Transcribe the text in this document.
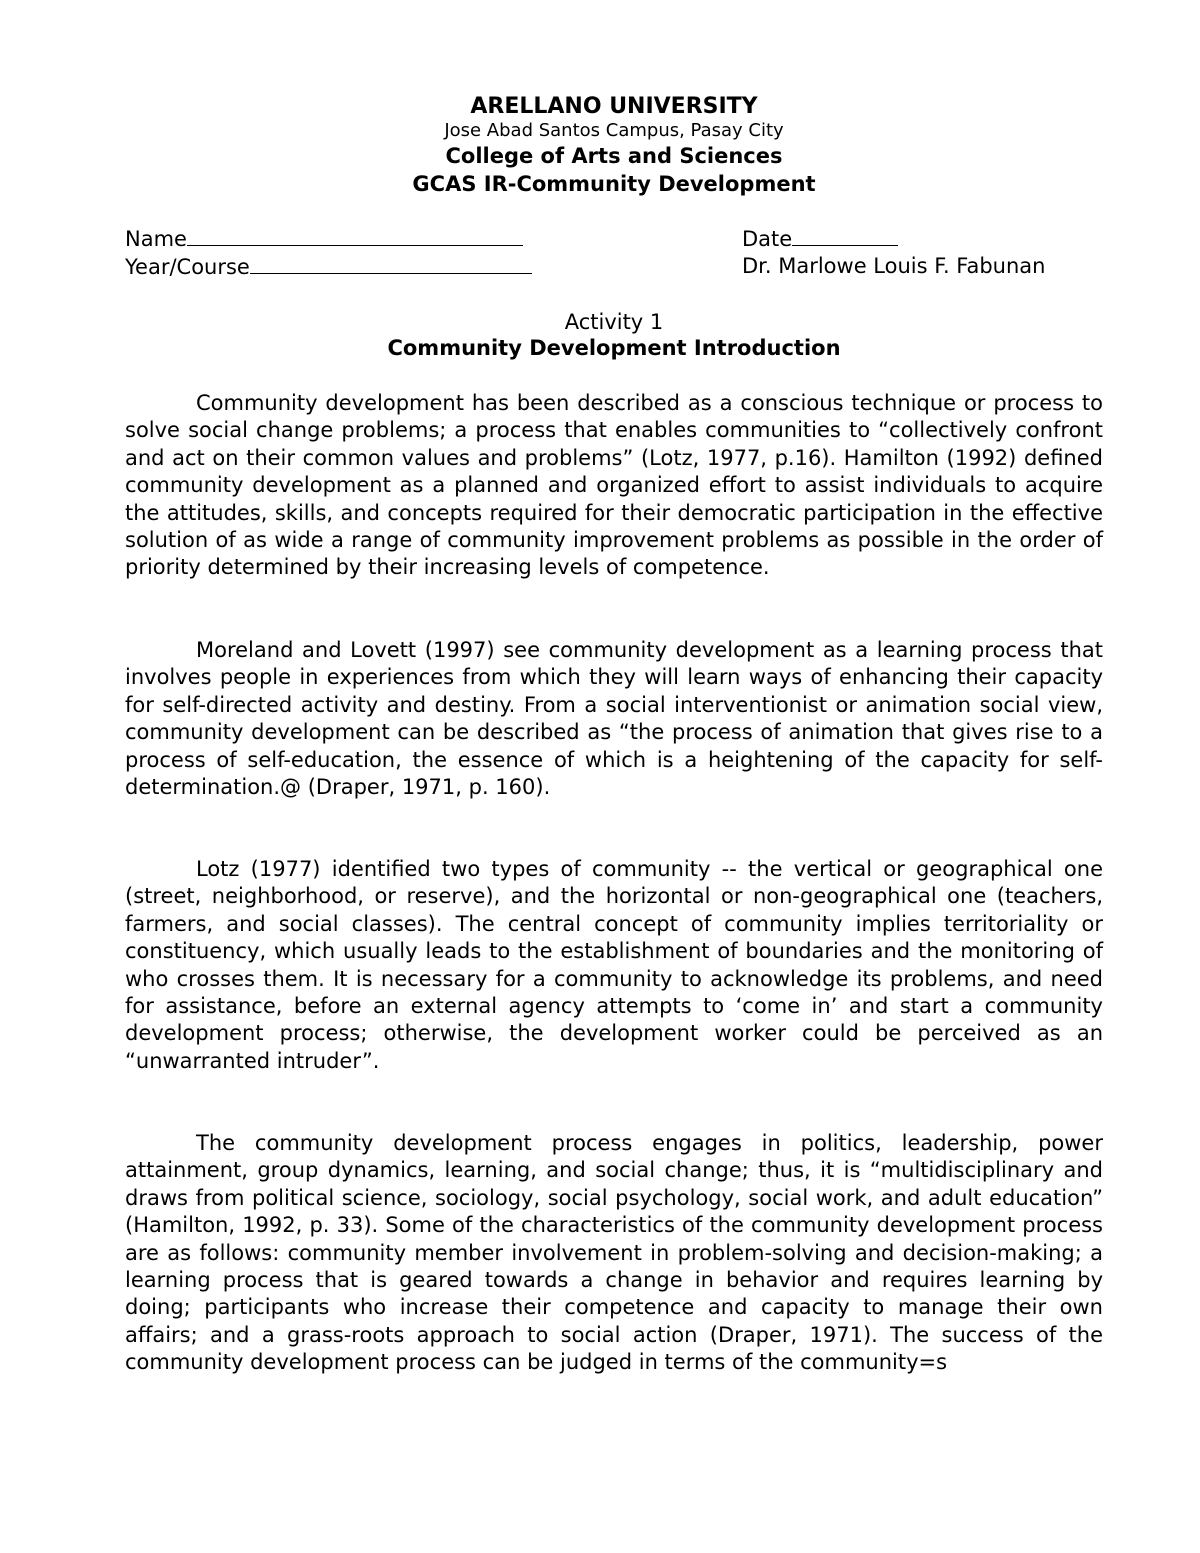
ARELLANO UNIVERSITY
Jose Abad Santos Campus, Pasay City
College of Arts and Sciences
GCAS IR-Community Development
Name
Year/Course
Date
Dr. Marlowe Louis F. Fabunan
Activity 1
Community Development Introduction

Community development has been described as a conscious technique or process to solve social change problems; a process that enables communities to “collectively confront and act on their common values and problems” (Lotz, 1977, p.16). Hamilton (1992) defined community development as a planned and organized effort to assist individuals to acquire the attitudes, skills, and concepts required for their democratic participation in the effective solution of as wide a range of community improvement problems as possible in the order of priority determined by their increasing levels of competence.

Moreland and Lovett (1997) see community development as a learning process that involves people in experiences from which they will learn ways of enhancing their capacity for self-directed activity and destiny. From a social interventionist or animation social view, community development can be described as “the process of animation that gives rise to a process of self-education, the essence of which is a heightening of the capacity for self-determination.@ (Draper, 1971, p. 160).

Lotz (1977) identified two types of community -- the vertical or geographical one (street, neighborhood, or reserve), and the horizontal or non-geographical one (teachers, farmers, and social classes). The central concept of community implies territoriality or constituency, which usually leads to the establishment of boundaries and the monitoring of who crosses them. It is necessary for a community to acknowledge its problems, and need for assistance, before an external agency attempts to ‘come in’ and start a community development process; otherwise, the development worker could be perceived as an “unwarranted intruder”.

The community development process engages in politics, leadership, power attainment, group dynamics, learning, and social change; thus, it is “multidisciplinary and draws from political science, sociology, social psychology, social work, and adult education” (Hamilton, 1992, p. 33). Some of the characteristics of the community development process are as follows: community member involvement in problem-solving and decision-making; a learning process that is geared towards a change in behavior and requires learning by doing; participants who increase their competence and capacity to manage their own affairs; and a grass-roots approach to social action (Draper, 1971). The success of the community development process can be judged in terms of the community=s
